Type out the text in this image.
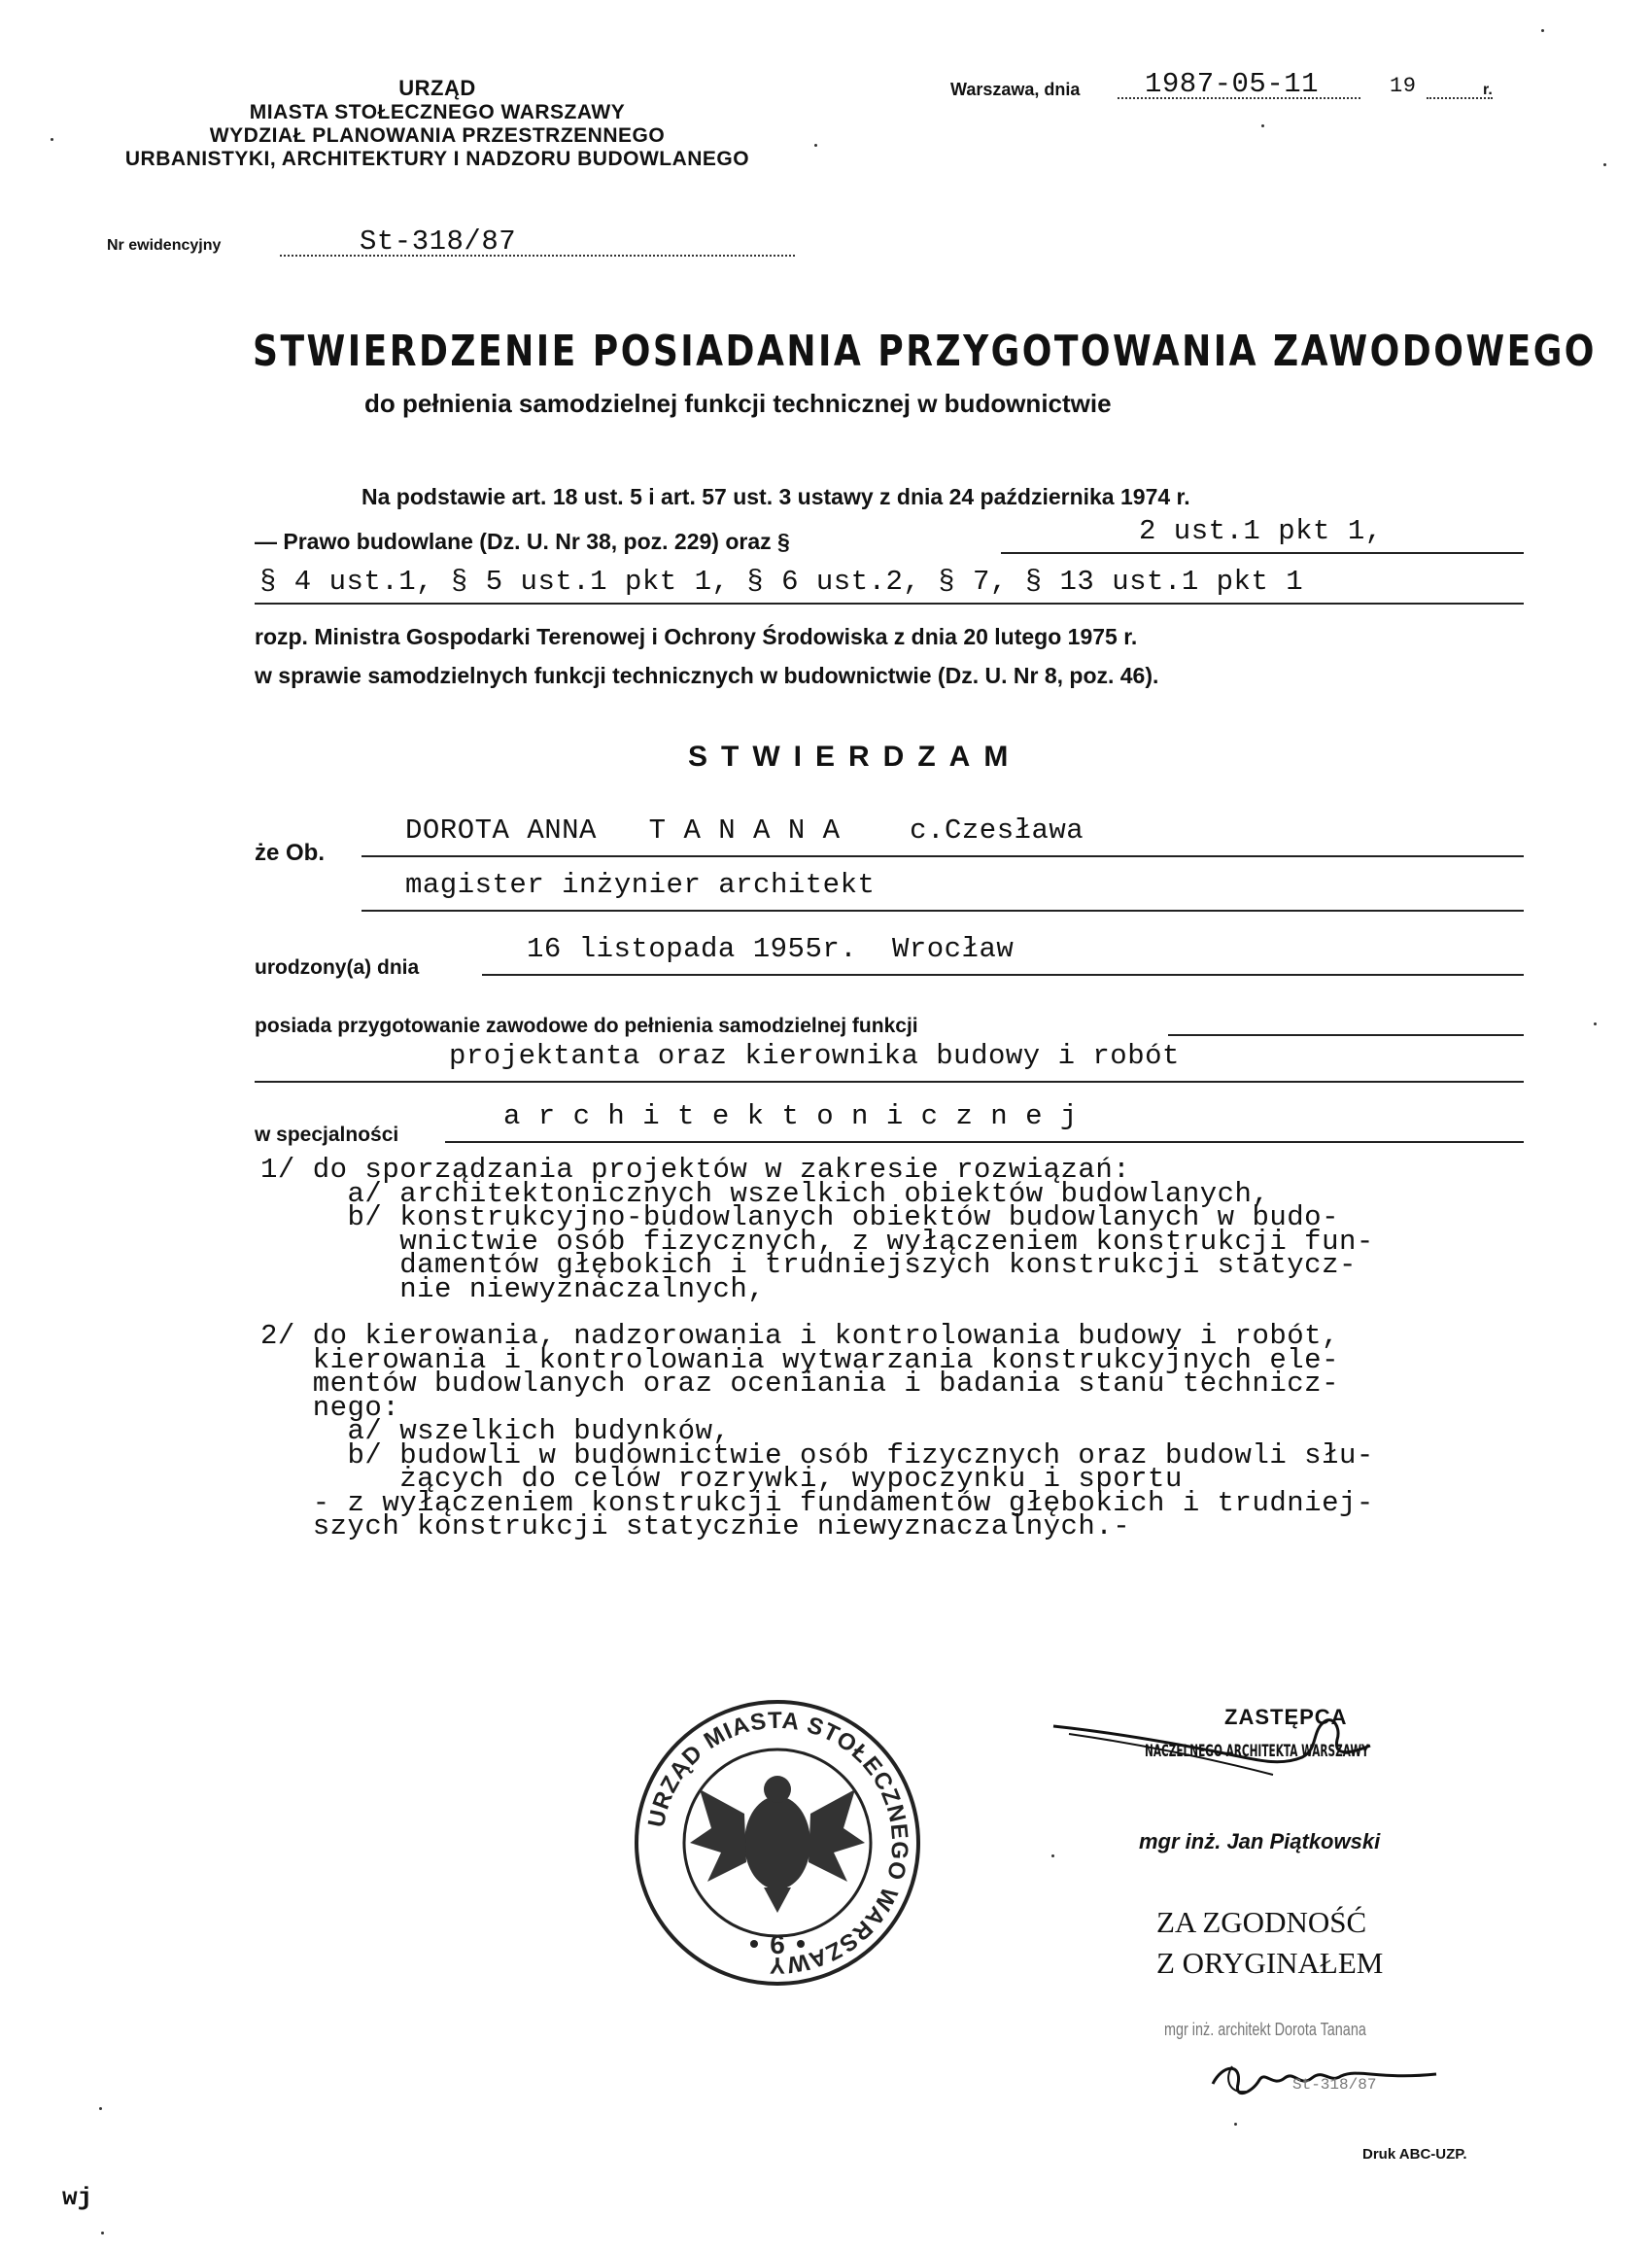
URZĄD
MIASTA STOŁECZNEGO WARSZAWY
WYDZIAŁ PLANOWANIA PRZESTRZENNEGO
URBANISTYKI, ARCHITEKTURY I NADZORU BUDOWLANEGO
Nr ewidencyjny	St-318/87
Warszawa, dnia 1987-05-11	19	r.
STWIERDZENIE POSIADANIA PRZYGOTOWANIA ZAWODOWEGO
do pełnienia samodzielnej funkcji technicznej w budownictwie
Na podstawie art. 18 ust. 5 i art. 57 ust. 3 ustawy z dnia 24 października 1974 r.
— Prawo budowlane (Dz. U. Nr 38, poz. 229) oraz §	2 ust.1 pkt 1,
§ 4 ust.1, § 5 ust.1 pkt 1, § 6 ust.2, § 7, § 13 ust.1 pkt 1
rozp. Ministra Gospodarki Terenowej i Ochrony Środowiska z dnia 20 lutego 1975 r.
w sprawie samodzielnych funkcji technicznych w budownictwie (Dz. U. Nr 8, poz. 46).
STWIERDZAM
że Ob.
DOROTA ANNA   T A N A N A    c.Czesława
magister inżynier architekt
urodzony(a) dnia
16 listopada 1955r.  Wrocław
posiada przygotowanie zawodowe do pełnienia samodzielnej funkcji
projektanta oraz kierownika budowy i robót
w specjalności
a r c h i t e k t o n i c z n e j
1/ do sporządzania projektów w zakresie rozwiązań:
a/ architektonicznych wszelkich obiektów budowlanych,
b/ konstrukcyjno-budowlanych obiektów budowlanych w budo-
wnictwie osób fizycznych, z wyłączeniem konstrukcji fun-
damentów głębokich i trudniejszych konstrukcji statycz-
nie niewyznaczalnych,
2/ do kierowania, nadzorowania i kontrolowania budowy i robót,
kierowania i kontrolowania wytwarzania konstrukcyjnych ele-
mentów budowlanych oraz oceniania i badania stanu technicz-
nego:
a/ wszelkich budynków,
b/ budowli w budownictwie osób fizycznych oraz budowli słu-
żących do celów rozrywki, wypoczynku i sportu
- z wyłączeniem konstrukcji fundamentów głębokich i trudniej-
szych konstrukcji statycznie niewyznaczalnych.-
URZĄD MIASTA STOŁECZNEGO WARSZAWY
6
ZASTĘPCA
NACZELNEGO ARCHITEKTA WARSZAWY
mgr inż. Jan Piątkowski
ZA ZGODNOŚĆ
Z ORYGINAŁEM
mgr inż. architekt Dorota Tanana
St-318/87
Druk ABC-UZP.
wj
